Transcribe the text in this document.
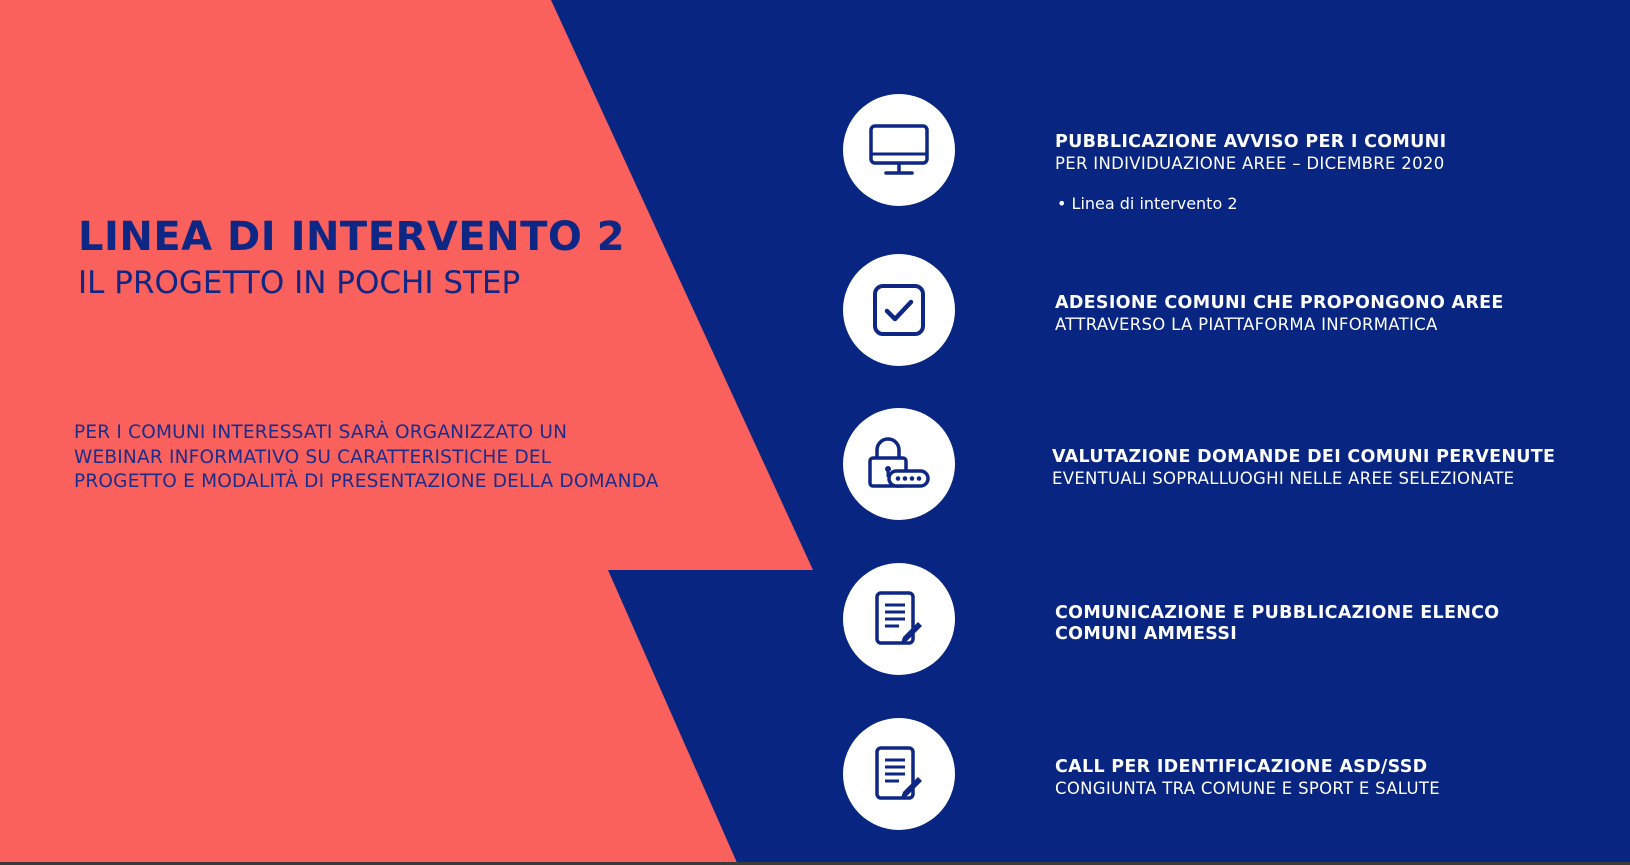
LINEA DI INTERVENTO 2
IL PROGETTO IN POCHI STEP
PER I COMUNI INTERESSATI SARÀ ORGANIZZATO UN
WEBINAR INFORMATIVO SU CARATTERISTICHE DEL
PROGETTO E MODALITÀ DI PRESENTAZIONE DELLA DOMANDA
PUBBLICAZIONE AVVISO PER I COMUNI
PER INDIVIDUAZIONE AREE – DICEMBRE 2020
• Linea di intervento 2
ADESIONE COMUNI CHE PROPONGONO AREE
ATTRAVERSO LA PIATTAFORMA INFORMATICA
VALUTAZIONE DOMANDE DEI COMUNI PERVENUTE
EVENTUALI SOPRALLUOGHI NELLE AREE SELEZIONATE
COMUNICAZIONE E PUBBLICAZIONE ELENCO
COMUNI AMMESSI
CALL PER IDENTIFICAZIONE ASD/SSD
CONGIUNTA TRA COMUNE E SPORT E SALUTE
